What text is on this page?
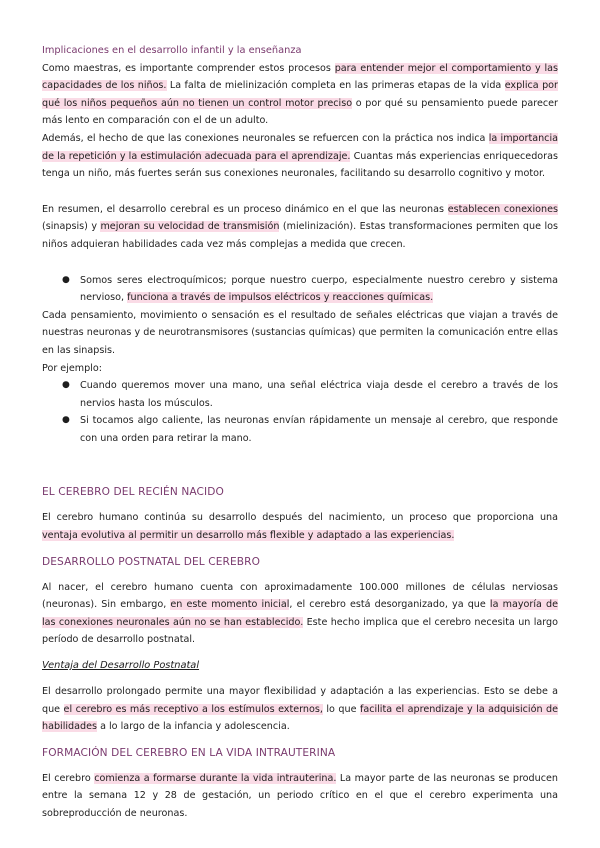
Implicaciones en el desarrollo infantil y la enseñanza

Como maestras, es importante comprender estos procesos para entender mejor el comportamiento y las capacidades de los niños. La falta de mielinización completa en las primeras etapas de la vida explica por qué los niños pequeños aún no tienen un control motor preciso o por qué su pensamiento puede parecer más lento en comparación con el de un adulto.

Además, el hecho de que las conexiones neuronales se refuercen con la práctica nos indica la importancia de la repetición y la estimulación adecuada para el aprendizaje. Cuantas más experiencias enriquecedoras tenga un niño, más fuertes serán sus conexiones neuronales, facilitando su desarrollo cognitivo y motor.

En resumen, el desarrollo cerebral es un proceso dinámico en el que las neuronas establecen conexiones (sinapsis) y mejoran su velocidad de transmisión (mielinización). Estas transformaciones permiten que los niños adquieran habilidades cada vez más complejas a medida que crecen.

● Somos seres electroquímicos; porque nuestro cuerpo, especialmente nuestro cerebro y sistema nervioso, funciona a través de impulsos eléctricos y reacciones químicas.

Cada pensamiento, movimiento o sensación es el resultado de señales eléctricas que viajan a través de nuestras neuronas y de neurotransmisores (sustancias químicas) que permiten la comunicación entre ellas en las sinapsis.

Por ejemplo:

● Cuando queremos mover una mano, una señal eléctrica viaja desde el cerebro a través de los nervios hasta los músculos.
● Si tocamos algo caliente, las neuronas envían rápidamente un mensaje al cerebro, que responde con una orden para retirar la mano.
EL CEREBRO DEL RECIÉN NACIDO

El cerebro humano continúa su desarrollo después del nacimiento, un proceso que proporciona una ventaja evolutiva al permitir un desarrollo más flexible y adaptado a las experiencias.

DESARROLLO POSTNATAL DEL CEREBRO

Al nacer, el cerebro humano cuenta con aproximadamente 100.000 millones de células nerviosas (neuronas). Sin embargo, en este momento inicial, el cerebro está desorganizado, ya que la mayoría de las conexiones neuronales aún no se han establecido. Este hecho implica que el cerebro necesita un largo período de desarrollo postnatal.

Ventaja del Desarrollo Postnatal

El desarrollo prolongado permite una mayor flexibilidad y adaptación a las experiencias. Esto se debe a que el cerebro es más receptivo a los estímulos externos, lo que facilita el aprendizaje y la adquisición de habilidades a lo largo de la infancia y adolescencia.

FORMACIÓN DEL CEREBRO EN LA VIDA INTRAUTERINA

El cerebro comienza a formarse durante la vida intrauterina. La mayor parte de las neuronas se producen entre la semana 12 y 28 de gestación, un periodo crítico en el que el cerebro experimenta una sobreproducción de neuronas.
